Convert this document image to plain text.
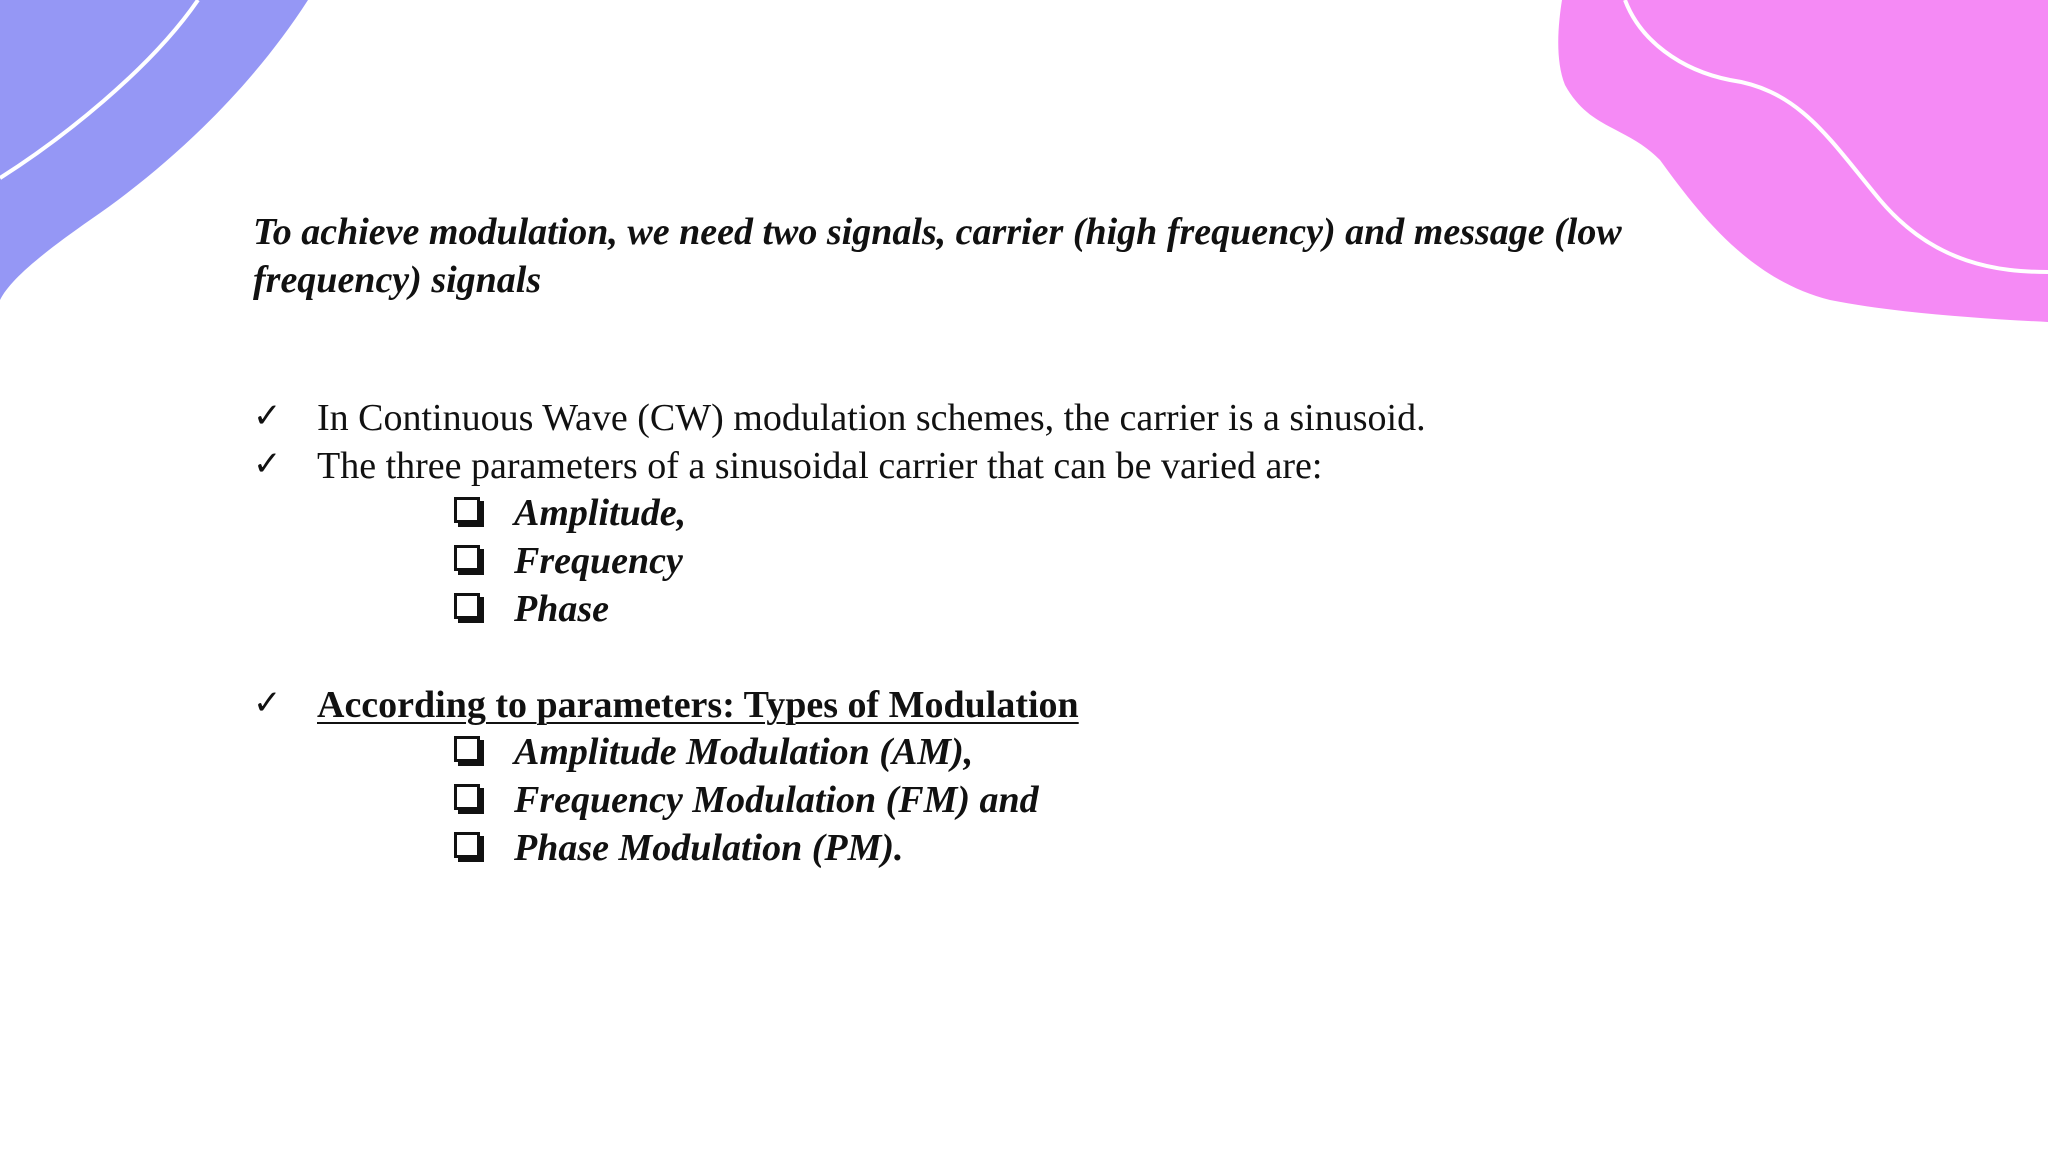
To achieve modulation, we need two signals, carrier (high frequency) and message (low frequency) signals

✓ In Continuous Wave (CW) modulation schemes, the carrier is a sinusoid.
✓ The three parameters of a sinusoidal carrier that can be varied are:
Amplitude,
Frequency
Phase
✓ According to parameters: Types of Modulation
Amplitude Modulation (AM),
Frequency Modulation (FM) and
Phase Modulation (PM).
